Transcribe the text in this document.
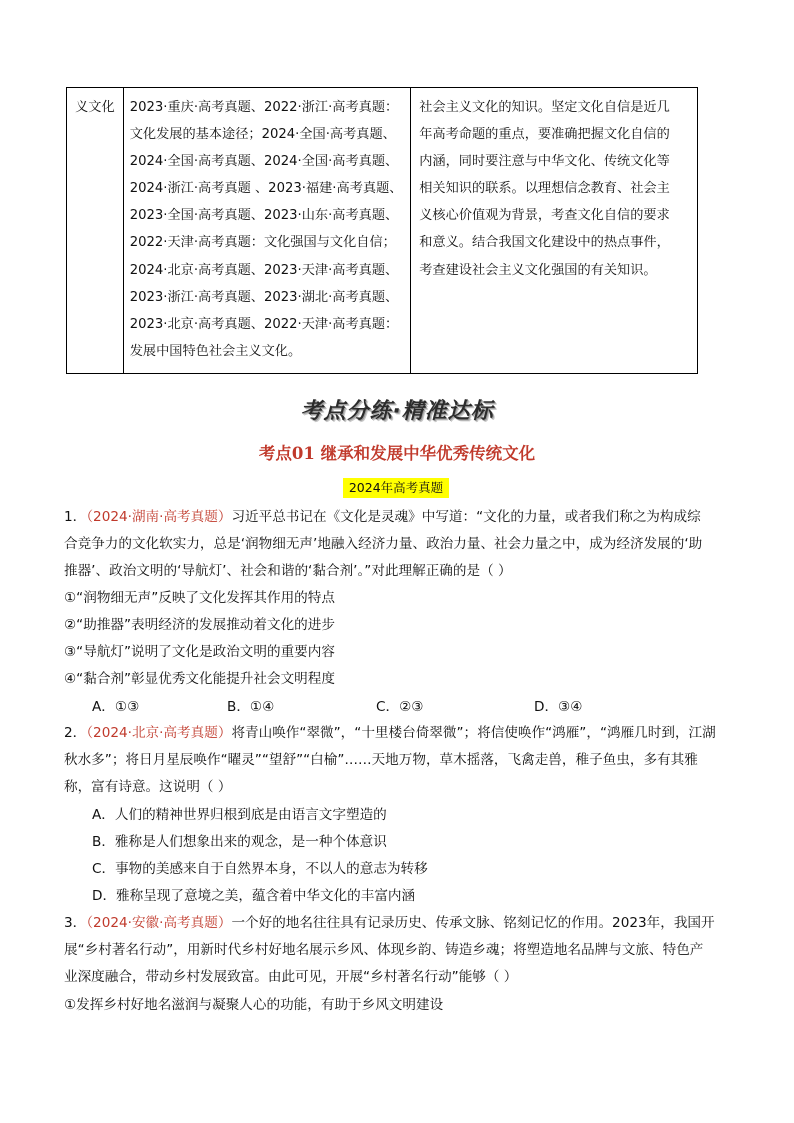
义文化	2023·重庆·高考真题、2022·浙江·高考真题：
文化发展的基本途径；2024·全国·高考真题、
2024·全国·高考真题、2024·全国·高考真题、
2024·浙江·高考真题 、2023·福建·高考真题、
2023·全国·高考真题、2023·山东·高考真题、
2022·天津·高考真题：文化强国与文化自信；
2024·北京·高考真题、2023·天津·高考真题、
2023·浙江·高考真题、2023·湖北·高考真题、
2023·北京·高考真题、2022·天津·高考真题：
发展中国特色社会主义文化。

社会主义文化的知识。坚定文化自信是近几
年高考命题的重点，要准确把握文化自信的
内涵，同时要注意与中华文化、传统文化等
相关知识的联系。以理想信念教育、社会主
义核心价值观为背景，考查文化自信的要求
和意义。结合我国文化建设中的热点事件，
考查建设社会主义文化强国的有关知识。
考点分练·精准达标
考点01 继承和发展中华优秀传统文化
2024年高考真题
1．（2024·湖南·高考真题）习近平总书记在《文化是灵魂》中写道：“文化的力量，或者我们称之为构成综
合竞争力的文化软实力，总是‘润物细无声’地融入经济力量、政治力量、社会力量之中，成为经济发展的‘助
推器’、政治文明的‘导航灯’、社会和谐的‘黏合剂’。”对此理解正确的是（ ）
①“润物细无声”反映了文化发挥其作用的特点
②“助推器”表明经济的发展推动着文化的进步
③“导航灯”说明了文化是政治文明的重要内容
④“黏合剂”彰显优秀文化能提升社会文明程度
A．①③	B．①④	C．②③	D．③④
2．（2024·北京·高考真题）将青山唤作“翠微”，“十里楼台倚翠微”；将信使唤作“鸿雁”，“鸿雁几时到，江湖
秋水多”；将日月星辰唤作“曜灵”“望舒”“白榆”……天地万物，草木摇落，飞禽走兽，稚子鱼虫，多有其雅
称，富有诗意。这说明（ ）
A．人们的精神世界归根到底是由语言文字塑造的
B．雅称是人们想象出来的观念，是一种个体意识
C．事物的美感来自于自然界本身，不以人的意志为转移
D．雅称呈现了意境之美，蕴含着中华文化的丰富内涵
3．（2024·安徽·高考真题）一个好的地名往往具有记录历史、传承文脉、铭刻记忆的作用。2023年，我国开
展“乡村著名行动”，用新时代乡村好地名展示乡风、体现乡韵、铸造乡魂；将塑造地名品牌与文旅、特色产
业深度融合，带动乡村发展致富。由此可见，开展“乡村著名行动”能够（ ）
①发挥乡村好地名滋润与凝聚人心的功能，有助于乡风文明建设
